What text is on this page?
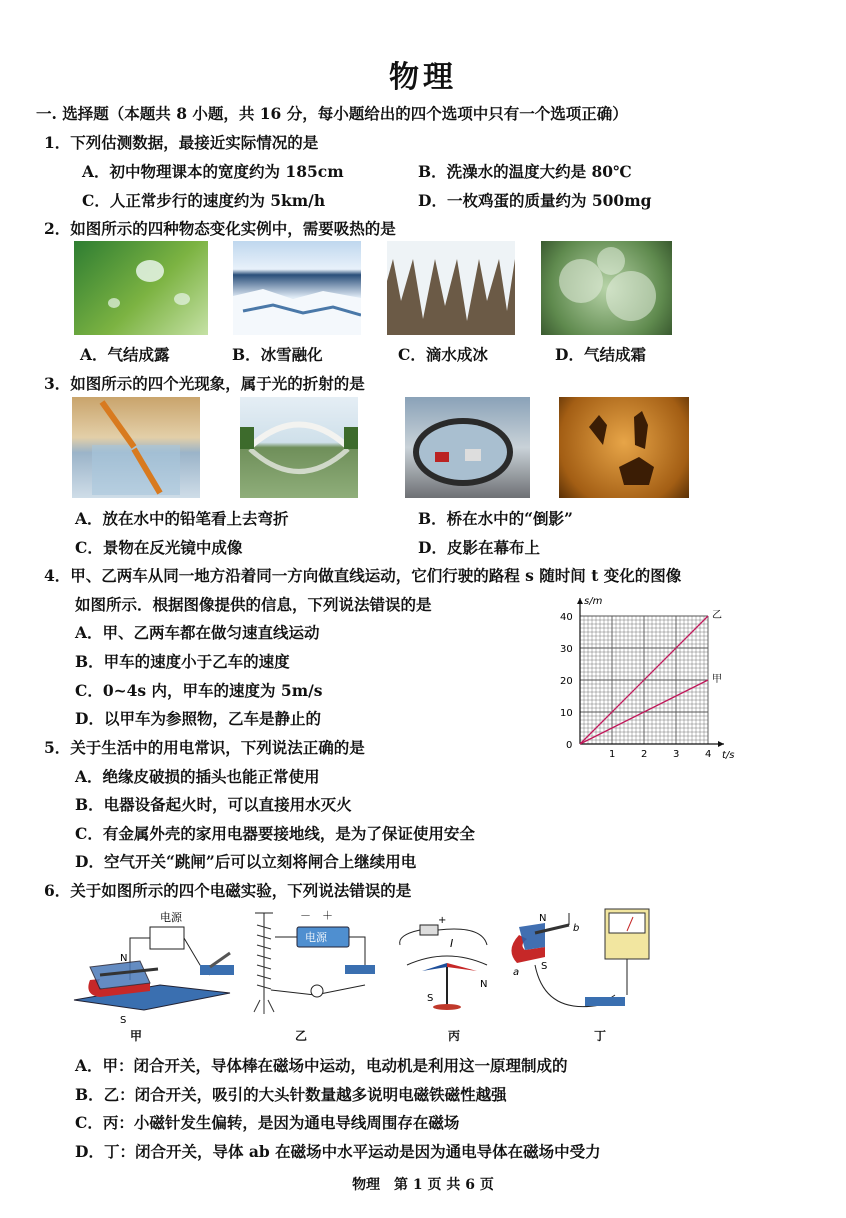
物理
一. 选择题（本题共 8 小题，共 16 分，每小题给出的四个选项中只有一个选项正确）
1．下列估测数据，最接近实际情况的是
A．初中物理课本的宽度约为 185cm	B．洗澡水的温度大约是 80℃
C．人正常步行的速度约为 5km/h	D．一枚鸡蛋的质量约为 500mg
2．如图所示的四种物态变化实例中，需要吸热的是
A．气结成露	B．冰雪融化	C．滴水成冰	D．气结成霜
3．如图所示的四个光现象，属于光的折射的是
A．放在水中的铅笔看上去弯折	B．桥在水中的“倒影”
C．景物在反光镜中成像	D．皮影在幕布上
4．甲、乙两车从同一地方沿着同一方向做直线运动，它们行驶的路程 s 随时间 t 变化的图像
如图所示．根据图像提供的信息，下列说法错误的是
A．甲、乙两车都在做匀速直线运动
B．甲车的速度小于乙车的速度
C．0~4s 内，甲车的速度为 5m/s
D．以甲车为参照物，乙车是静止的
1	2	3	4
0
10
20
30
40
t/s
s/m
乙
甲
5．关于生活中的用电常识，下列说法正确的是
A．绝缘皮破损的插头也能正常使用
B．电器设备起火时，可以直接用水灭火
C．有金属外壳的家用电器要接地线，是为了保证使用安全
D．空气开关“跳闸”后可以立刻将闸合上继续用电
6．关于如图所示的四个电磁实验，下列说法错误的是
电源
N
S
甲
－　＋
电源
乙
+
I
S
N
丙
N
S
a
b
丁
A．甲：闭合开关，导体棒在磁场中运动，电动机是利用这一原理制成的
B．乙：闭合开关，吸引的大头针数量越多说明电磁铁磁性越强
C．丙：小磁针发生偏转，是因为通电导线周围存在磁场
D．丁：闭合开关，导体 ab 在磁场中水平运动是因为通电导体在磁场中受力
物理　第 1 页 共 6 页
